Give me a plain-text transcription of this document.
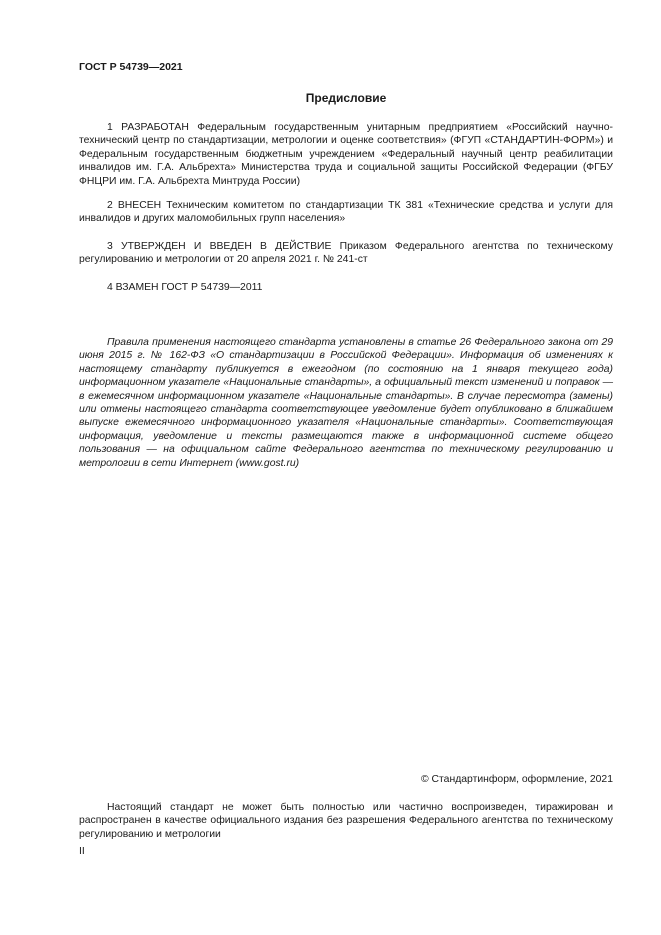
ГОСТ Р 54739—2021
Предисловие

1 РАЗРАБОТАН Федеральным государственным унитарным предприятием «Российский научно-технический центр по стандартизации, метрологии и оценке соответствия» (ФГУП «СТАНДАРТИН-ФОРМ») и Федеральным государственным бюджетным учреждением «Федеральный научный центр реабилитации инвалидов им. Г.А. Альбрехта» Министерства труда и социальной защиты Российской Федерации (ФГБУ ФНЦРИ им. Г.А. Альбрехта Минтруда России)

2 ВНЕСЕН Техническим комитетом по стандартизации ТК 381 «Технические средства и услуги для инвалидов и других маломобильных групп населения»

3 УТВЕРЖДЕН И ВВЕДЕН В ДЕЙСТВИЕ Приказом Федерального агентства по техническому регулированию и метрологии от 20 апреля 2021 г. № 241-ст

4 ВЗАМЕН ГОСТ Р 54739—2011

Правила применения настоящего стандарта установлены в статье 26 Федерального закона от 29 июня 2015 г. № 162-ФЗ «О стандартизации в Российской Федерации». Информация об изменениях к настоящему стандарту публикуется в ежегодном (по состоянию на 1 января текущего года) информационном указателе «Национальные стандарты», а официальный текст изменений и поправок — в ежемесячном информационном указателе «Национальные стандарты». В случае пересмотра (замены) или отмены настоящего стандарта соответствующее уведомление будет опубликовано в ближайшем выпуске ежемесячного информационного указателя «Национальные стандарты». Соответствующая информация, уведомление и тексты размещаются также в информационной системе общего пользования — на официальном сайте Федерального агентства по техническому регулированию и метрологии в сети Интернет (www.gost.ru)

© Стандартинформ, оформление, 2021

Настоящий стандарт не может быть полностью или частично воспроизведен, тиражирован и распространен в качестве официального издания без разрешения Федерального агентства по техническому регулированию и метрологии

II
